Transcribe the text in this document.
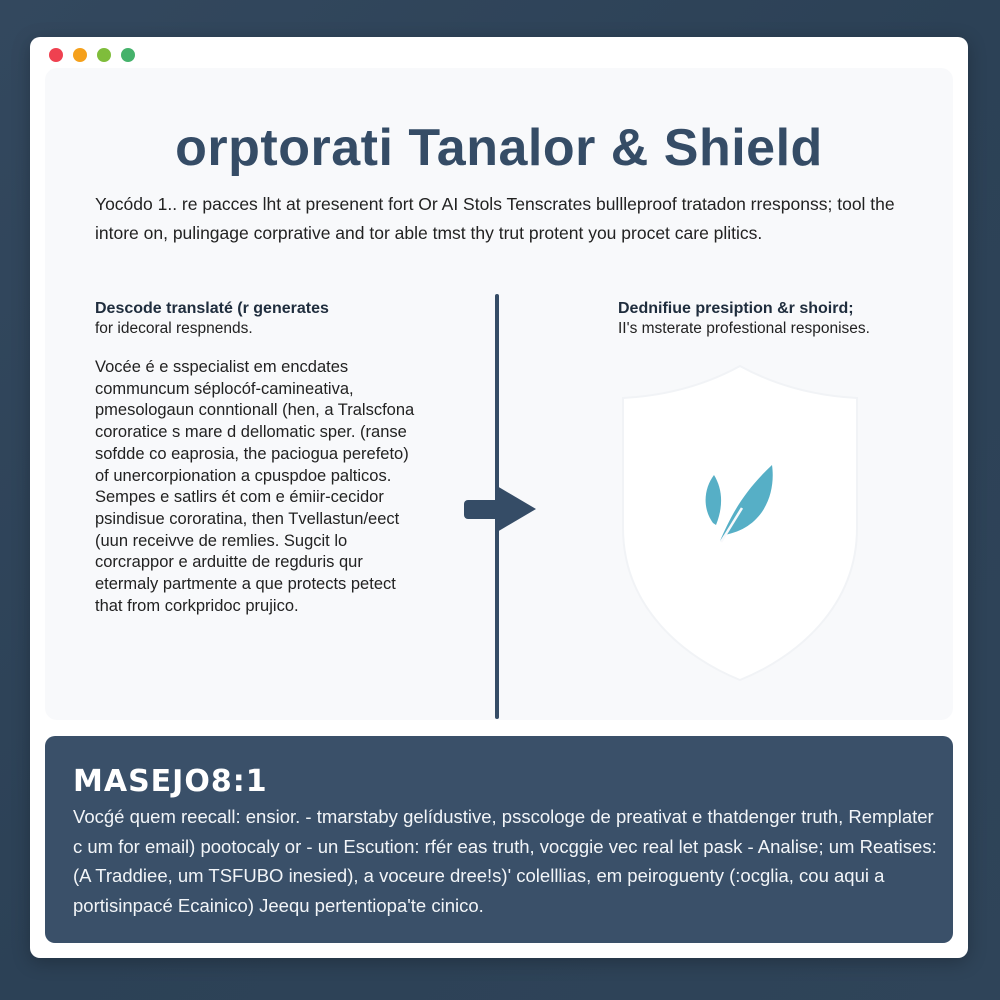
orptorati Tanalor & Shield

Yocódo 1.. re pacces lht at presenent fort Or AI Stols Tenscrates bullleproof tratadon rresponss; tool the intore on, pulingage corprative and tor able tmst thy trut protent you procet care plitics.

Descode translaté (r generates

for idecoral respnends.

Vocée é e sspecialist em encdates communcum séplocóf-camineativa, pmesologaun conntionall (hen, a Tralscfona cororatice s mare d dellomatic sper. (ranse sofdde co eaprosia, the paciogua perefeto) of unercorpionation a cpuspdoe palticos.

Sempes e satlirs ét com e émiir-cecidor psindisue cororatina, then Tvellastun/eect (uun receivve de remlies. Sugcit lo corcrappor e arduitte de regduris qur etermaly partmente a que protects petect that from corkpridoc prujico.

Dednifiue presiption &r shoird;

II's msterate profestional responises.

MASEJO8:1

Vocǵé quem reecall: ensior. - tmarstaby gelídustive, psscologe de preativat e thatdenger truth, Remplater c um for email) pootocaly or - un Escution: rfér eas truth, vocggie vec real let pask - Analise; um Reatises: (A Traddiee, um TSFUBO inesied), a voceure dree!s)' colelllias, em peiroguenty (:ocglia, cou aqui a portisinpacé Ecainico) Jeequ pertentiopa'te cinico.
